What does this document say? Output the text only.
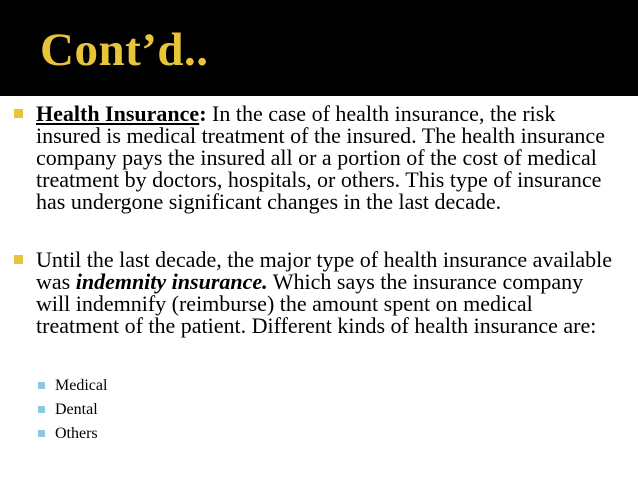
Cont’d..
Health Insurance: In the case of health insurance, the risk insured is medical treatment of the insured. The health insurance company pays the insured all or a portion of the cost of medical treatment by doctors, hospitals, or others. This type of insurance has undergone significant changes in the last decade.
Until the last decade, the major type of health insurance available was indemnity insurance. Which says the insurance company will indemnify (reimburse) the amount spent on medical treatment of the patient. Different kinds of health insurance are:
Medical
Dental
Others
